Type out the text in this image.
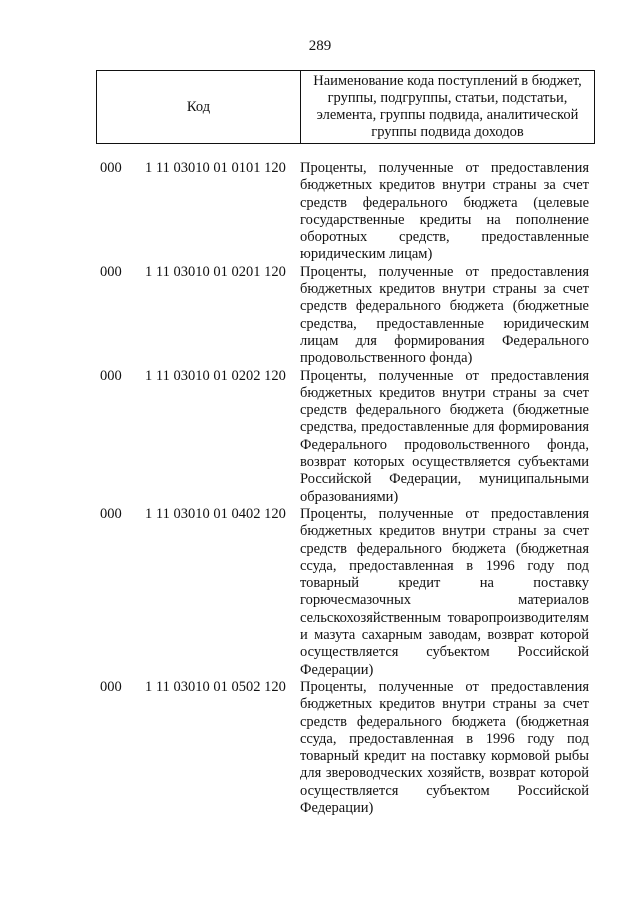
289
Код	Наименование кода поступлений в бюджет, группы, подгруппы, статьи, подстатьи, элемента, группы подвида, аналитической группы подвида доходов
000	1 11 03010 01 0101 120 Проценты, полученные от предоставления бюджетных кредитов внутри страны за счет средств федерального бюджета (целевые государственные кредиты на пополнение оборотных средств, предоставленные юридическим лицам)
000	1 11 03010 01 0201 120 Проценты, полученные от предоставления бюджетных кредитов внутри страны за счет средств федерального бюджета (бюджетные средства, предоставленные юридическим лицам для формирования Федерального продовольственного фонда)
000	1 11 03010 01 0202 120 Проценты, полученные от предоставления бюджетных кредитов внутри страны за счет средств федерального бюджета (бюджетные средства, предоставленные для формирования Федерального продовольственного фонда, возврат которых осуществляется субъектами Российской Федерации, муниципальными образованиями)
000	1 11 03010 01 0402 120 Проценты, полученные от предоставления бюджетных кредитов внутри страны за счет средств федерального бюджета (бюджетная ссуда, предоставленная в 1996 году под товарный кредит на поставку горючесмазочных материалов сельскохозяйственным товаропроизводителям и мазута сахарным заводам, возврат которой осуществляется субъектом Российской Федерации)
000	1 11 03010 01 0502 120 Проценты, полученные от предоставления бюджетных кредитов внутри страны за счет средств федерального бюджета (бюджетная ссуда, предоставленная в 1996 году под товарный кредит на поставку кормовой рыбы для звероводческих хозяйств, возврат которой осуществляется субъектом Российской Федерации)
